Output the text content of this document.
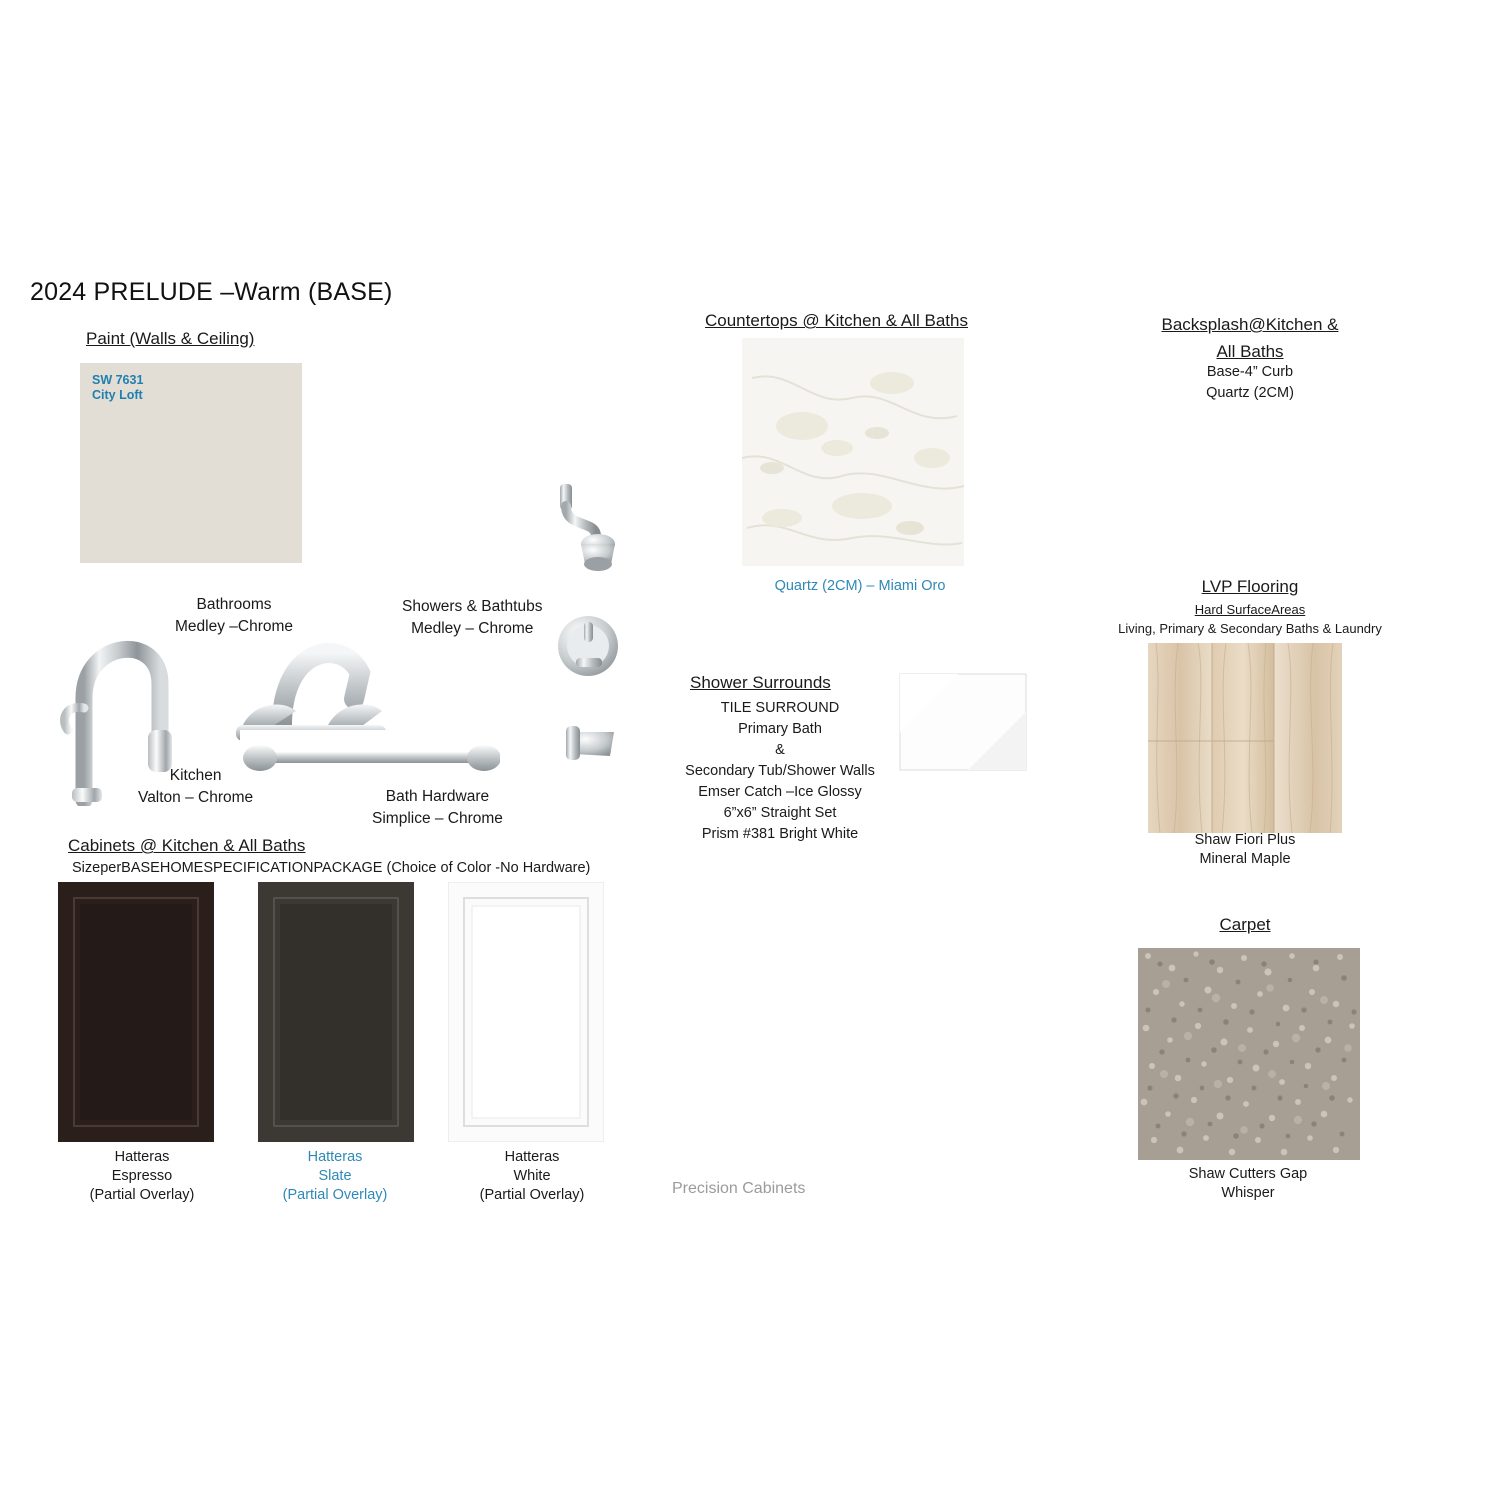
2024 PRELUDE –Warm (BASE)
Paint (Walls & Ceiling)
SW 7631
City Loft
Bathrooms
Medley –Chrome
Showers & Bathtubs
Medley – Chrome
Kitchen
Valton – Chrome	Bath Hardware
Simplice – Chrome
Cabinets @ Kitchen & All Baths
SizeperBASEHOMESPECIFICATIONPACKAGE (Choice of Color -No Hardware)
Hatteras
Espresso
(Partial Overlay)
Hatteras
Slate
(Partial Overlay)
Hatteras
White
(Partial Overlay)	Precision Cabinets
Countertops @ Kitchen & All Baths
Quartz (2CM) – Miami Oro
Shower Surrounds
TILE SURROUND
Primary Bath
&
Secondary Tub/Shower Walls
Emser Catch –Ice Glossy
6”x6” Straight Set
Prism #381 Bright White
Backsplash@Kitchen &
All Baths
Base-4” Curb
Quartz (2CM)
LVP Flooring
Hard SurfaceAreas
Living, Primary & Secondary Baths & Laundry
Shaw Fiori Plus
Mineral Maple
Carpet
Shaw Cutters Gap
Whisper
